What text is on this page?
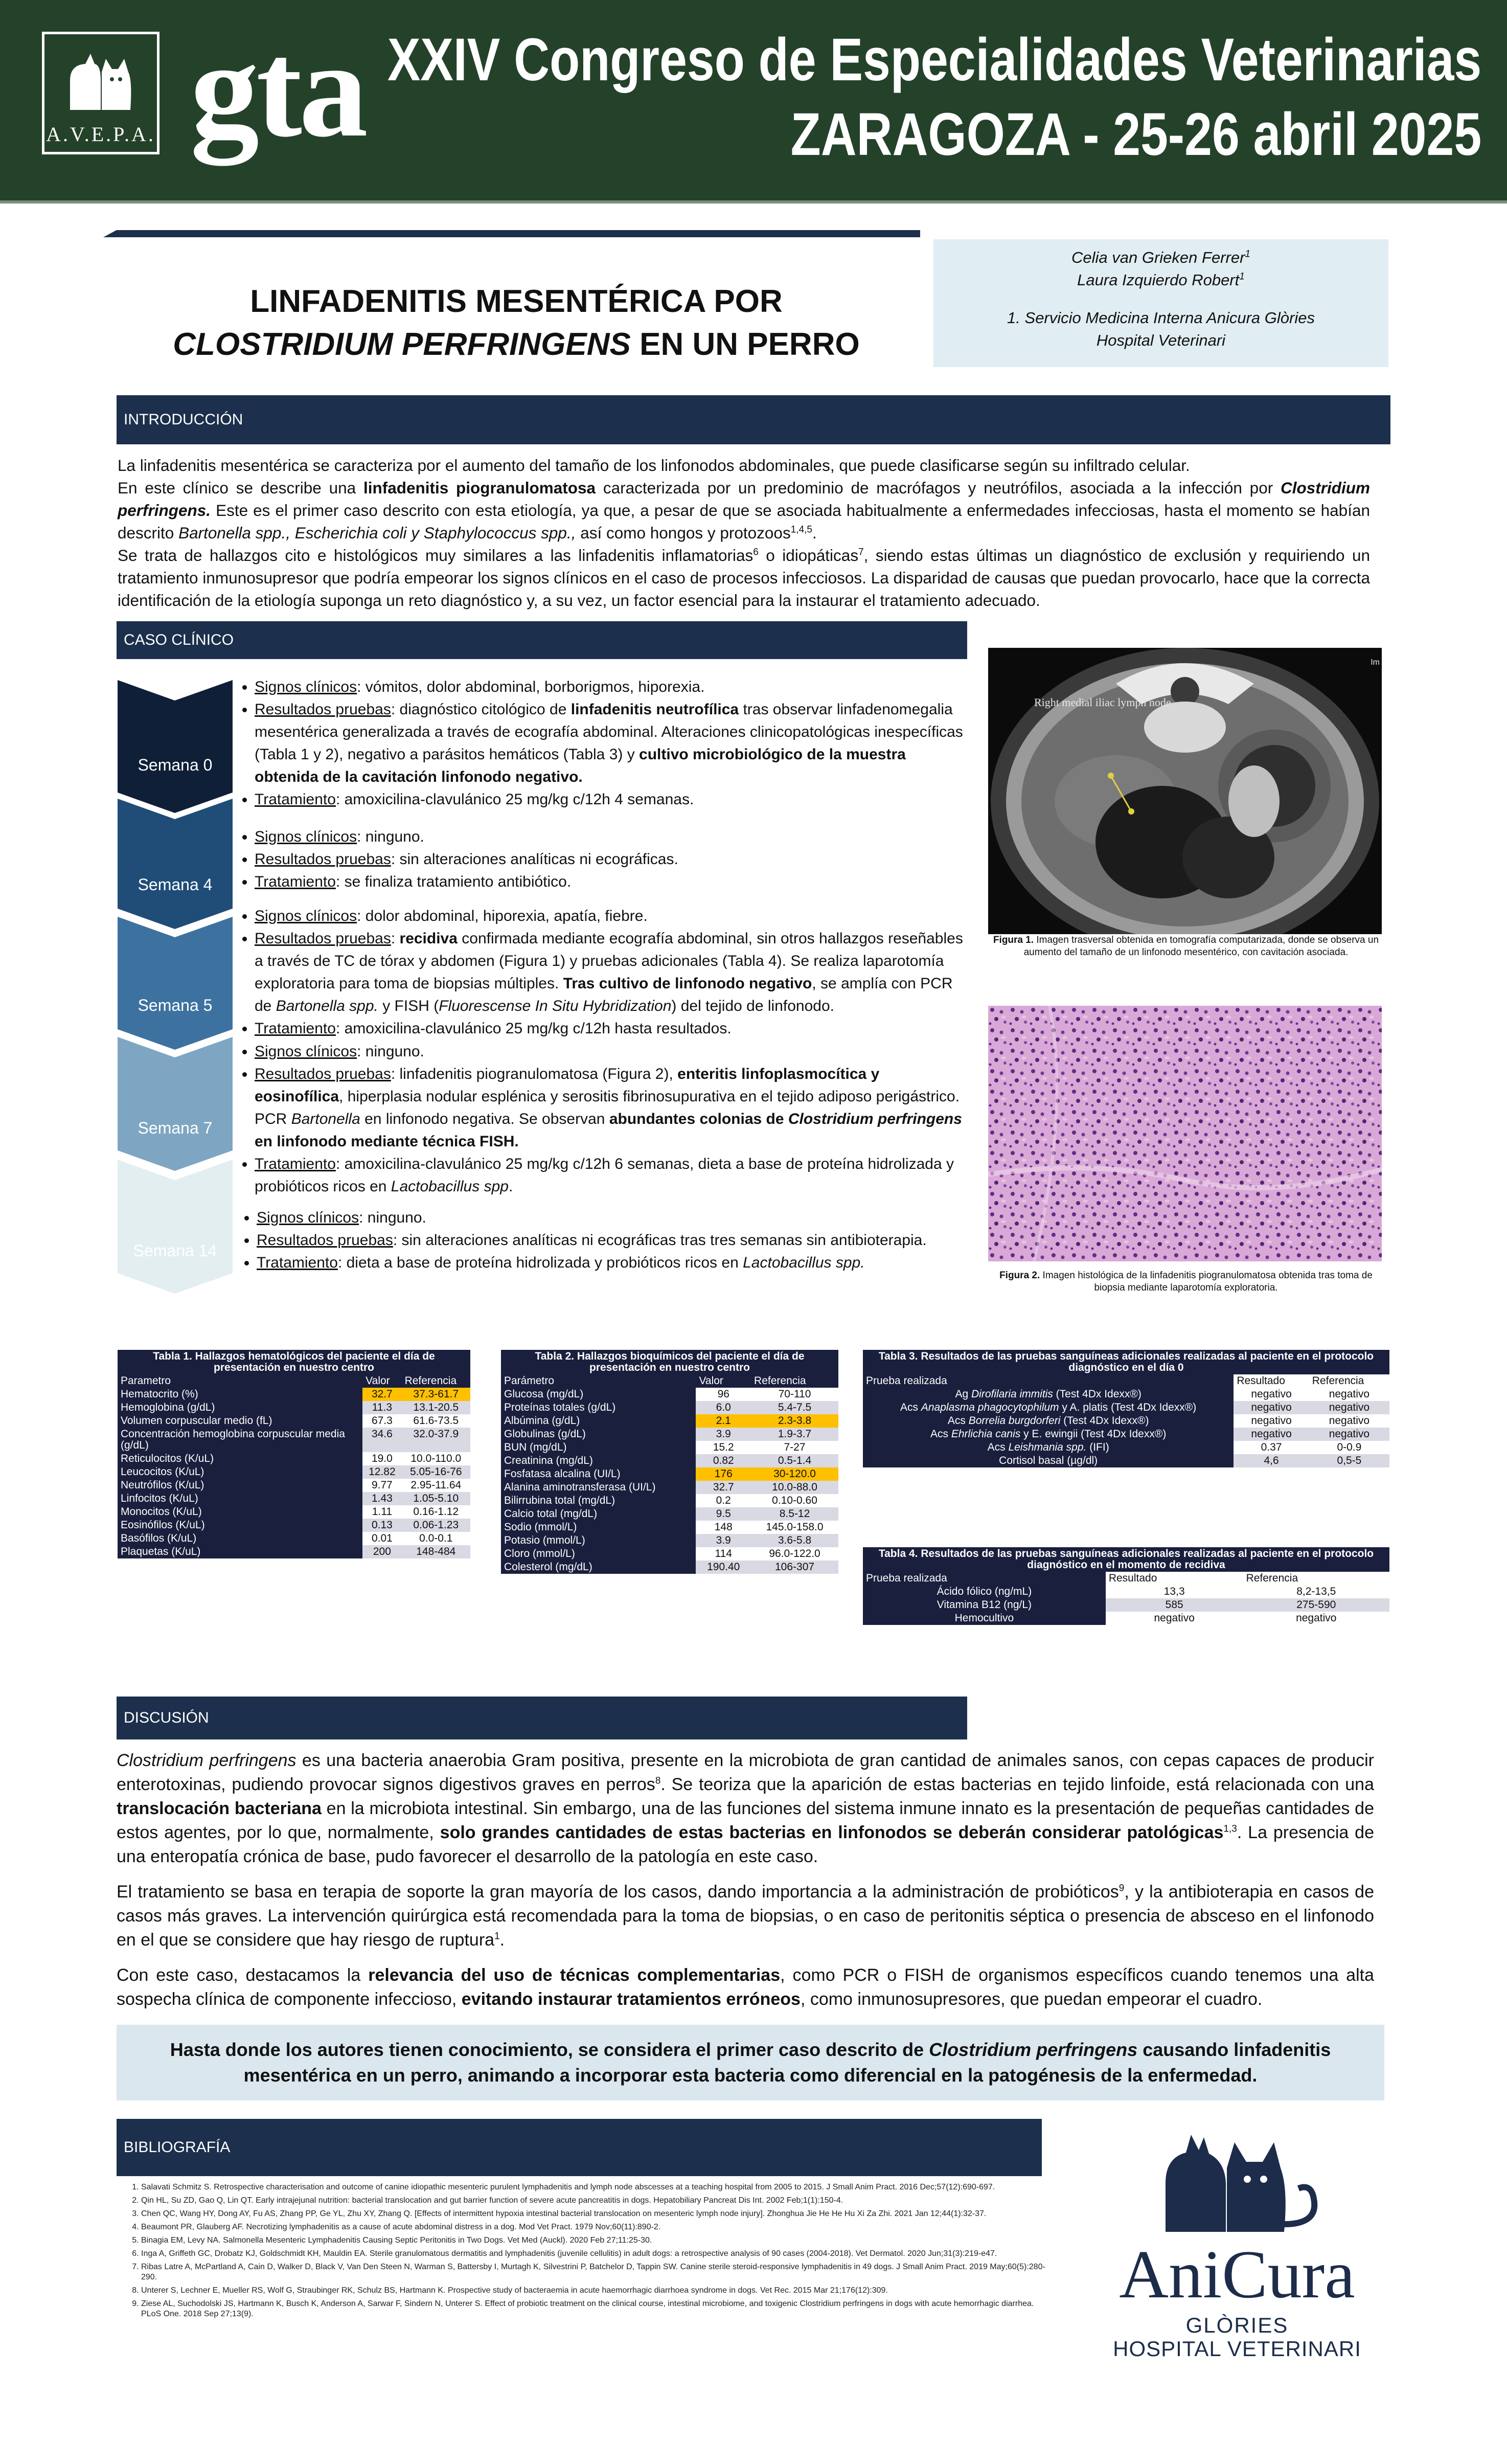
A.V.E.P.A. gta XXIV Congreso de Especialidades Veterinarias
ZARAGOZA - 25-26 abril 2025
LINFADENITIS MESENTÉRICA POR
CLOSTRIDIUM PERFRINGENS EN UN PERRO
Celia van Grieken Ferrer$^1$
Laura Izquierdo Robert$^1$
1. Servicio Medicina Interna Anicura Glòries
Hospital Veterinari
INTRODUCCIÓN
La linfadenitis mesentérica se caracteriza por el aumento del tamaño de los linfonodos abdominales, que puede clasificarse según su infiltrado celular.
En este clínico se describe una linfadenitis piogranulomatosa caracterizada por un predominio de macrófagos y neutrófilos, asociada a la infección por Clostridium perfringens. Este es el primer caso descrito con esta etiología, ya que, a pesar de que se asociada habitualmente a enfermedades infecciosas, hasta el momento se habían descrito Bartonella spp., Escherichia coli y Staphylococcus spp., así como hongos y protozoos$^{1,4,5}$.
Se trata de hallazgos cito e histológicos muy similares a las linfadenitis inflamatorias$^6$ o idiopáticas$^7$, siendo estas últimas un diagnóstico de exclusión y requiriendo un tratamiento inmunosupresor que podría empeorar los signos clínicos en el caso de procesos infecciosos. La disparidad de causas que puedan provocarlo, hace que la correcta identificación de la etiología suponga un reto diagnóstico y, a su vez, un factor esencial para la instaurar el tratamiento adecuado.
CASO CLÍNICO
Semana 0
Semana 4
Semana 5
Semana 7
Semana 14
• Signos clínicos: vómitos, dolor abdominal, borborigmos, hiporexia.
• Resultados pruebas: diagnóstico citológico de linfadenitis neutrofílica tras observar linfadenomegalia mesentérica generalizada a través de ecografía abdominal. Alteraciones clinicopatológicas inespecíficas (Tabla 1 y 2), negativo a parásitos hemáticos (Tabla 3) y cultivo microbiológico de la muestra obtenida de la cavitación linfonodo negativo.
• Tratamiento: amoxicilina-clavulánico 25 mg/kg c/12h 4 semanas.
• Signos clínicos: ninguno.
• Resultados pruebas: sin alteraciones analíticas ni ecográficas.
• Tratamiento: se finaliza tratamiento antibiótico.
• Signos clínicos: dolor abdominal, hiporexia, apatía, fiebre.
• Resultados pruebas: recidiva confirmada mediante ecografía abdominal, sin otros hallazgos reseñables a través de TC de tórax y abdomen (Figura 1) y pruebas adicionales (Tabla 4). Se realiza laparotomía exploratoria para toma de biopsias múltiples. Tras cultivo de linfonodo negativo, se amplía con PCR de Bartonella spp. y FISH (Fluorescense In Situ Hybridization) del tejido de linfonodo.
• Tratamiento: amoxicilina-clavulánico 25 mg/kg c/12h hasta resultados.
• Signos clínicos: ninguno.
• Resultados pruebas: linfadenitis piogranulomatosa (Figura 2), enteritis linfoplasmocítica y eosinofílica, hiperplasia nodular esplénica y serositis fibrinosupurativa en el tejido adiposo perigástrico. PCR Bartonella en linfonodo negativa. Se observan abundantes colonias de Clostridium perfringens en linfonodo mediante técnica FISH.
• Tratamiento: amoxicilina-clavulánico 25 mg/kg c/12h 6 semanas, dieta a base de proteína hidrolizada y probióticos ricos en Lactobacillus spp.
• Signos clínicos: ninguno.
• Resultados pruebas: sin alteraciones analíticas ni ecográficas tras tres semanas sin antibioterapia.
• Tratamiento: dieta a base de proteína hidrolizada y probióticos ricos en Lactobacillus spp.
Right medial iliac lymph node
Im
Figura 1. Imagen trasversal obtenida en tomografía computarizada, donde se observa un aumento del tamaño de un linfonodo mesentérico, con cavitación asociada.
Figura 2. Imagen histológica de la linfadenitis piogranulomatosa obtenida tras toma de biopsia mediante laparotomía exploratoria.
Tabla 1. Hallazgos hematológicos del paciente el día de presentación en nuestro centro		
Parametro	Valor	Referencia
Hematocrito (%)	32.7	37.3-61.7
Hemoglobina (g/dL)	11.3	13.1-20.5
Volumen corpuscular medio (fL)	67.3	61.6-73.5
Concentración hemoglobina corpuscular media (g/dL)	34.6	32.0-37.9
Reticulocitos (K/uL)	19.0	10.0-110.0
Leucocitos (K/uL)	12.82	5.05-16-76
Neutrófilos (K/uL)	9.77	2.95-11.64
Linfocitos (K/uL)	1.43	1.05-5.10
Monocitos (K/uL)	1.11	0.16-1.12
Eosinófilos (K/uL)	0.13	0.06-1.23
Basófilos (K/uL)	0.01	0.0-0.1
Plaquetas (K/uL)	200	148-484
Tabla 2. Hallazgos bioquímicos del paciente el día de presentación en nuestro centro		
Parámetro	Valor	Referencia
Glucosa (mg/dL)	96	70-110
Proteínas totales (g/dL)	6.0	5.4-7.5
Albúmina (g/dL)	2.1	2.3-3.8
Globulinas (g/dL)	3.9	1.9-3.7
BUN (mg/dL)	15.2	7-27
Creatinina (mg/dL)	0.82	0.5-1.4
Fosfatasa alcalina (UI/L)	176	30-120.0
Alanina aminotransferasa (UI/L)	32.7	10.0-88.0
Bilirrubina total (mg/dL)	0.2	0.10-0.60
Calcio total (mg/dL)	9.5	8.5-12
Sodio (mmol/L)	148	145.0-158.0
Potasio (mmol/L)	3.9	3.6-5.8
Cloro (mmol/L)	114	96.0-122.0
Colesterol (mg/dL)	190.40	106-307
Tabla 3. Resultados de las pruebas sanguíneas adicionales realizadas al paciente en el protocolo diagnóstico en el día 0		
Prueba realizada	Resultado	Referencia
Ag Dirofilaria immitis (Test 4Dx Idexx®)	negativo	negativo
Acs Anaplasma phagocytophilum y A. platis (Test 4Dx Idexx®)	negativo	negativo
Acs Borrelia burgdorferi (Test 4Dx Idexx®)	negativo	negativo
Acs Ehrlichia canis y E. ewingii (Test 4Dx Idexx®)	negativo	negativo
Acs Leishmania spp. (IFI)	0.37	0-0.9
Cortisol basal (µg/dl)	4,6	0,5-5
Tabla 4. Resultados de las pruebas sanguíneas adicionales realizadas al paciente en el protocolo diagnóstico en el momento de recidiva		
Prueba realizada	Resultado	Referencia
Ácido fólico (ng/mL)	13,3	8,2-13,5
Vitamina B12 (ng/L)	585	275-590
Hemocultivo	negativo	negativo
DISCUSIÓN

Clostridium perfringens es una bacteria anaerobia Gram positiva, presente en la microbiota de gran cantidad de animales sanos, con cepas capaces de producir enterotoxinas, pudiendo provocar signos digestivos graves en perros$^8$. Se teoriza que la aparición de estas bacterias en tejido linfoide, está relacionada con una translocación bacteriana en la microbiota intestinal. Sin embargo, una de las funciones del sistema inmune innato es la presentación de pequeñas cantidades de estos agentes, por lo que, normalmente, solo grandes cantidades de estas bacterias en linfonodos se deberán considerar patológicas$^{1,3}$. La presencia de una enteropatía crónica de base, pudo favorecer el desarrollo de la patología en este caso.

El tratamiento se basa en terapia de soporte la gran mayoría de los casos, dando importancia a la administración de probióticos$^9$, y la antibioterapia en casos de casos más graves. La intervención quirúrgica está recomendada para la toma de biopsias, o en caso de peritonitis séptica o presencia de absceso en el linfonodo en el que se considere que hay riesgo de ruptura$^1$.

Con este caso, destacamos la relevancia del uso de técnicas complementarias, como PCR o FISH de organismos específicos cuando tenemos una alta sospecha clínica de componente infeccioso, evitando instaurar tratamientos erróneos, como inmunosupresores, que puedan empeorar el cuadro.

Hasta donde los autores tienen conocimiento, se considera el primer caso descrito de Clostridium perfringens causando linfadenitis mesentérica en un perro, animando a incorporar esta bacteria como diferencial en la patogénesis de la enfermedad.
BIBLIOGRAFÍA
1. Salavati Schmitz S. Retrospective characterisation and outcome of canine idiopathic mesenteric purulent lymphadenitis and lymph node abscesses at a teaching hospital from 2005 to 2015. J Small Anim Pract. 2016 Dec;57(12):690-697.
2. Qin HL, Su ZD, Gao Q, Lin QT. Early intrajejunal nutrition: bacterial translocation and gut barrier function of severe acute pancreatitis in dogs. Hepatobiliary Pancreat Dis Int. 2002 Feb;1(1):150-4.
3. Chen QC, Wang HY, Dong AY, Fu AS, Zhang PP, Ge YL, Zhu XY, Zhang Q. [Effects of intermittent hypoxia intestinal bacterial translocation on mesenteric lymph node injury]. Zhonghua Jie He He Hu Xi Za Zhi. 2021 Jan 12;44(1):32-37.
4. Beaumont PR, Glauberg AF. Necrotizing lymphadenitis as a cause of acute abdominal distress in a dog. Mod Vet Pract. 1979 Nov;60(11):890-2.
5. Binagia EM, Levy NA. Salmonella Mesenteric Lymphadenitis Causing Septic Peritonitis in Two Dogs. Vet Med (Auckl). 2020 Feb 27;11:25-30.
6. Inga A, Griffeth GC, Drobatz KJ, Goldschmidt KH, Mauldin EA. Sterile granulomatous dermatitis and lymphadenitis (juvenile cellulitis) in adult dogs: a retrospective analysis of 90 cases (2004-2018). Vet Dermatol. 2020 Jun;31(3):219-e47.
7. Ribas Latre A, McPartland A, Cain D, Walker D, Black V, Van Den Steen N, Warman S, Battersby I, Murtagh K, Silvestrini P, Batchelor D, Tappin SW. Canine sterile steroid-responsive lymphadenitis in 49 dogs. J Small Anim Pract. 2019 May;60(5):280-290.
8. Unterer S, Lechner E, Mueller RS, Wolf G, Straubinger RK, Schulz BS, Hartmann K. Prospective study of bacteraemia in acute haemorrhagic diarrhoea syndrome in dogs. Vet Rec. 2015 Mar 21;176(12):309.
9. Ziese AL, Suchodolski JS, Hartmann K, Busch K, Anderson A, Sarwar F, Sindern N, Unterer S. Effect of probiotic treatment on the clinical course, intestinal microbiome, and toxigenic Clostridium perfringens in dogs with acute hemorrhagic diarrhea. PLoS One. 2018 Sep 27;13(9).
AniCura
GLÒRIES
HOSPITAL VETERINARI
